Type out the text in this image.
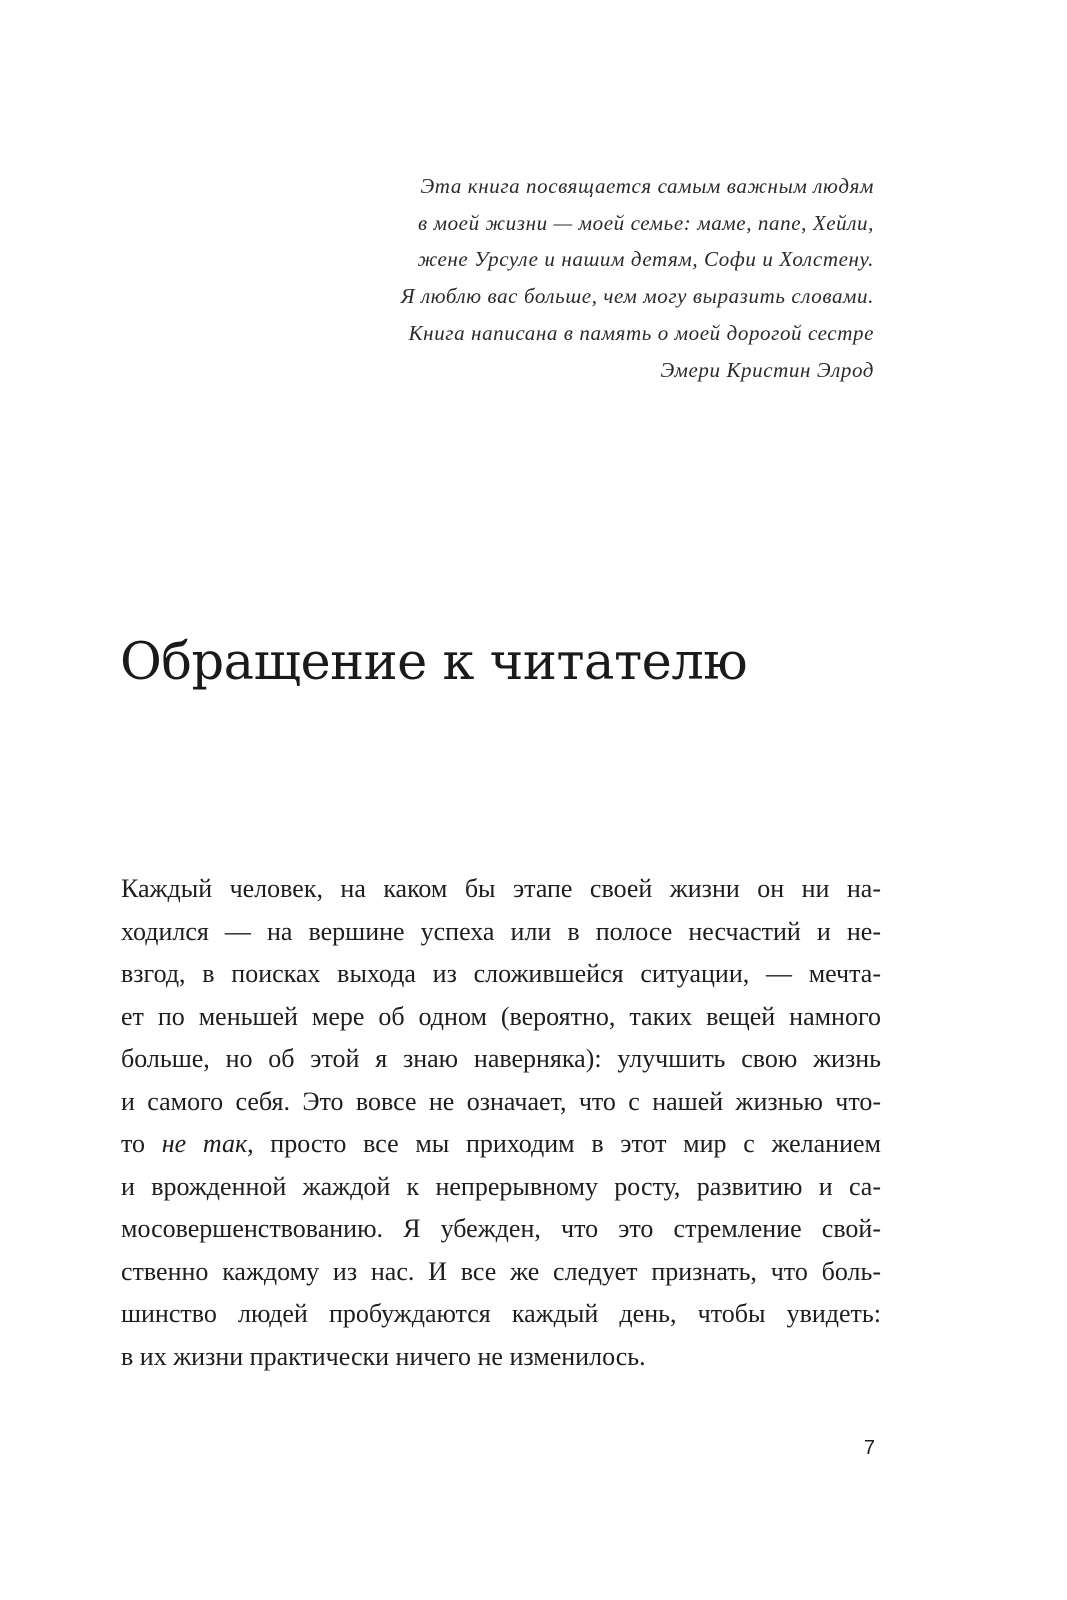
Эта книга посвящается самым важным людям
в моей жизни — моей семье: маме, папе, Хейли,
жене Урсуле и нашим детям, Софи и Холстену.
Я люблю вас больше, чем могу выразить словами.
Книга написана в память о моей дорогой сестре
Эмери Кристин Элрод
Обращение к читателю
Каждый человек, на каком бы этапе своей жизни он ни на-
ходился — на вершине успеха или в полосе несчастий и не-
взгод, в поисках выхода из сложившейся ситуации, — мечта-
ет по меньшей мере об одном (вероятно, таких вещей намного
больше, но об этой я знаю наверняка): улучшить свою жизнь
и самого себя. Это вовсе не означает, что с нашей жизнью что-
то не так, просто все мы приходим в этот мир с желанием
и врожденной жаждой к непрерывному росту, развитию и са-
мосовершенствованию. Я убежден, что это стремление свой-
ственно каждому из нас. И все же следует признать, что боль-
шинство людей пробуждаются каждый день, чтобы увидеть:
в их жизни практически ничего не изменилось.
7
